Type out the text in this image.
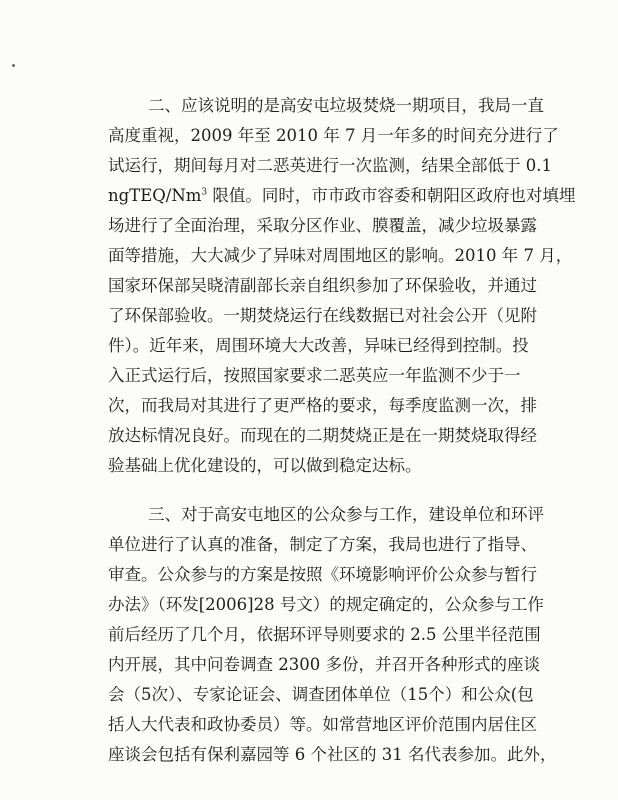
二、应该说明的是高安屯垃圾焚烧一期项目，我局一直

高度重视，2009 年至 2010 年 7 月一年多的时间充分进行了

试运行，期间每月对二恶英进行一次监测，结果全部低于 0.1

ngTEQ/Nm$^3$ 限值。同时，市市政市容委和朝阳区政府也对填埋

场进行了全面治理，采取分区作业、膜覆盖，减少垃圾暴露

面等措施，大大减少了异味对周围地区的影响。2010 年 7 月，

国家环保部吴晓清副部长亲自组织参加了环保验收，并通过

了环保部验收。一期焚烧运行在线数据已对社会公开（见附

件）。近年来，周围环境大大改善，异味已经得到控制。投

入正式运行后，按照国家要求二恶英应一年监测不少于一

次，而我局对其进行了更严格的要求，每季度监测一次，排

放达标情况良好。而现在的二期焚烧正是在一期焚烧取得经

验基础上优化建设的，可以做到稳定达标。

三、对于高安屯地区的公众参与工作，建设单位和环评

单位进行了认真的准备，制定了方案，我局也进行了指导、

审查。公众参与的方案是按照《环境影响评价公众参与暂行

办法》（环发[2006]28 号文）的规定确定的，公众参与工作

前后经历了几个月，依据环评导则要求的 2.5 公里半径范围

内开展，其中问卷调查 2300 多份，并召开各种形式的座谈

会（5次）、专家论证会、调查团体单位（15个）和公众(包

括人大代表和政协委员）等。如常营地区评价范围内居住区

座谈会包括有保利嘉园等 6 个社区的 31 名代表参加。此外，
